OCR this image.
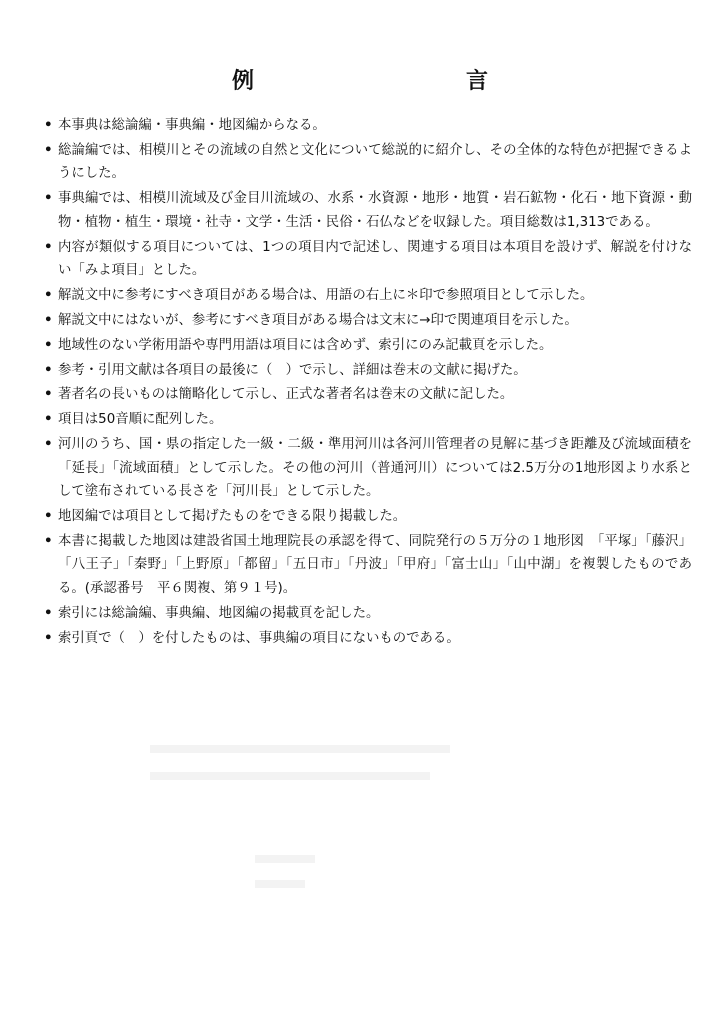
例　　言
• 本事典は総論編・事典編・地図編からなる。
• 総論編では、相模川とその流域の自然と文化について総説的に紹介し、その全体的な特色が把握できるようにした。
• 事典編では、相模川流域及び金目川流域の、水系・水資源・地形・地質・岩石鉱物・化石・地下資源・動物・植物・植生・環境・社寺・文学・生活・民俗・石仏などを収録した。項目総数は1,313である。
• 内容が類似する項目については、1つの項目内で記述し、関連する項目は本項目を設けず、解説を付けない「みよ項目」とした。
• 解説文中に参考にすべき項目がある場合は、用語の右上に＊印で参照項目として示した。
• 解説文中にはないが、参考にすべき項目がある場合は文末に→印で関連項目を示した。
• 地域性のない学術用語や専門用語は項目には含めず、索引にのみ記載頁を示した。
• 参考・引用文献は各項目の最後に（　）で示し、詳細は巻末の文献に掲げた。
• 著者名の長いものは簡略化して示し、正式な著者名は巻末の文献に記した。
• 項目は50音順に配列した。
• 河川のうち、国・県の指定した一級・二級・準用河川は各河川管理者の見解に基づき距離及び流域面積を「延長」「流域面積」として示した。その他の河川（普通河川）については2.5万分の1地形図より水系として塗布されている長さを「河川長」として示した。
• 地図編では項目として掲げたものをできる限り掲載した。
• 本書に掲載した地図は建設省国土地理院長の承認を得て、同院発行の５万分の１地形図　「平塚」「藤沢」「八王子」「秦野」「上野原」「都留」「五日市」「丹波」「甲府」「富士山」「山中湖」を複製したものである。(承認番号　平６関複、第９１号)。
• 索引には総論編、事典編、地図編の掲載頁を記した。
• 索引頁で（　）を付したものは、事典編の項目にないものである。
